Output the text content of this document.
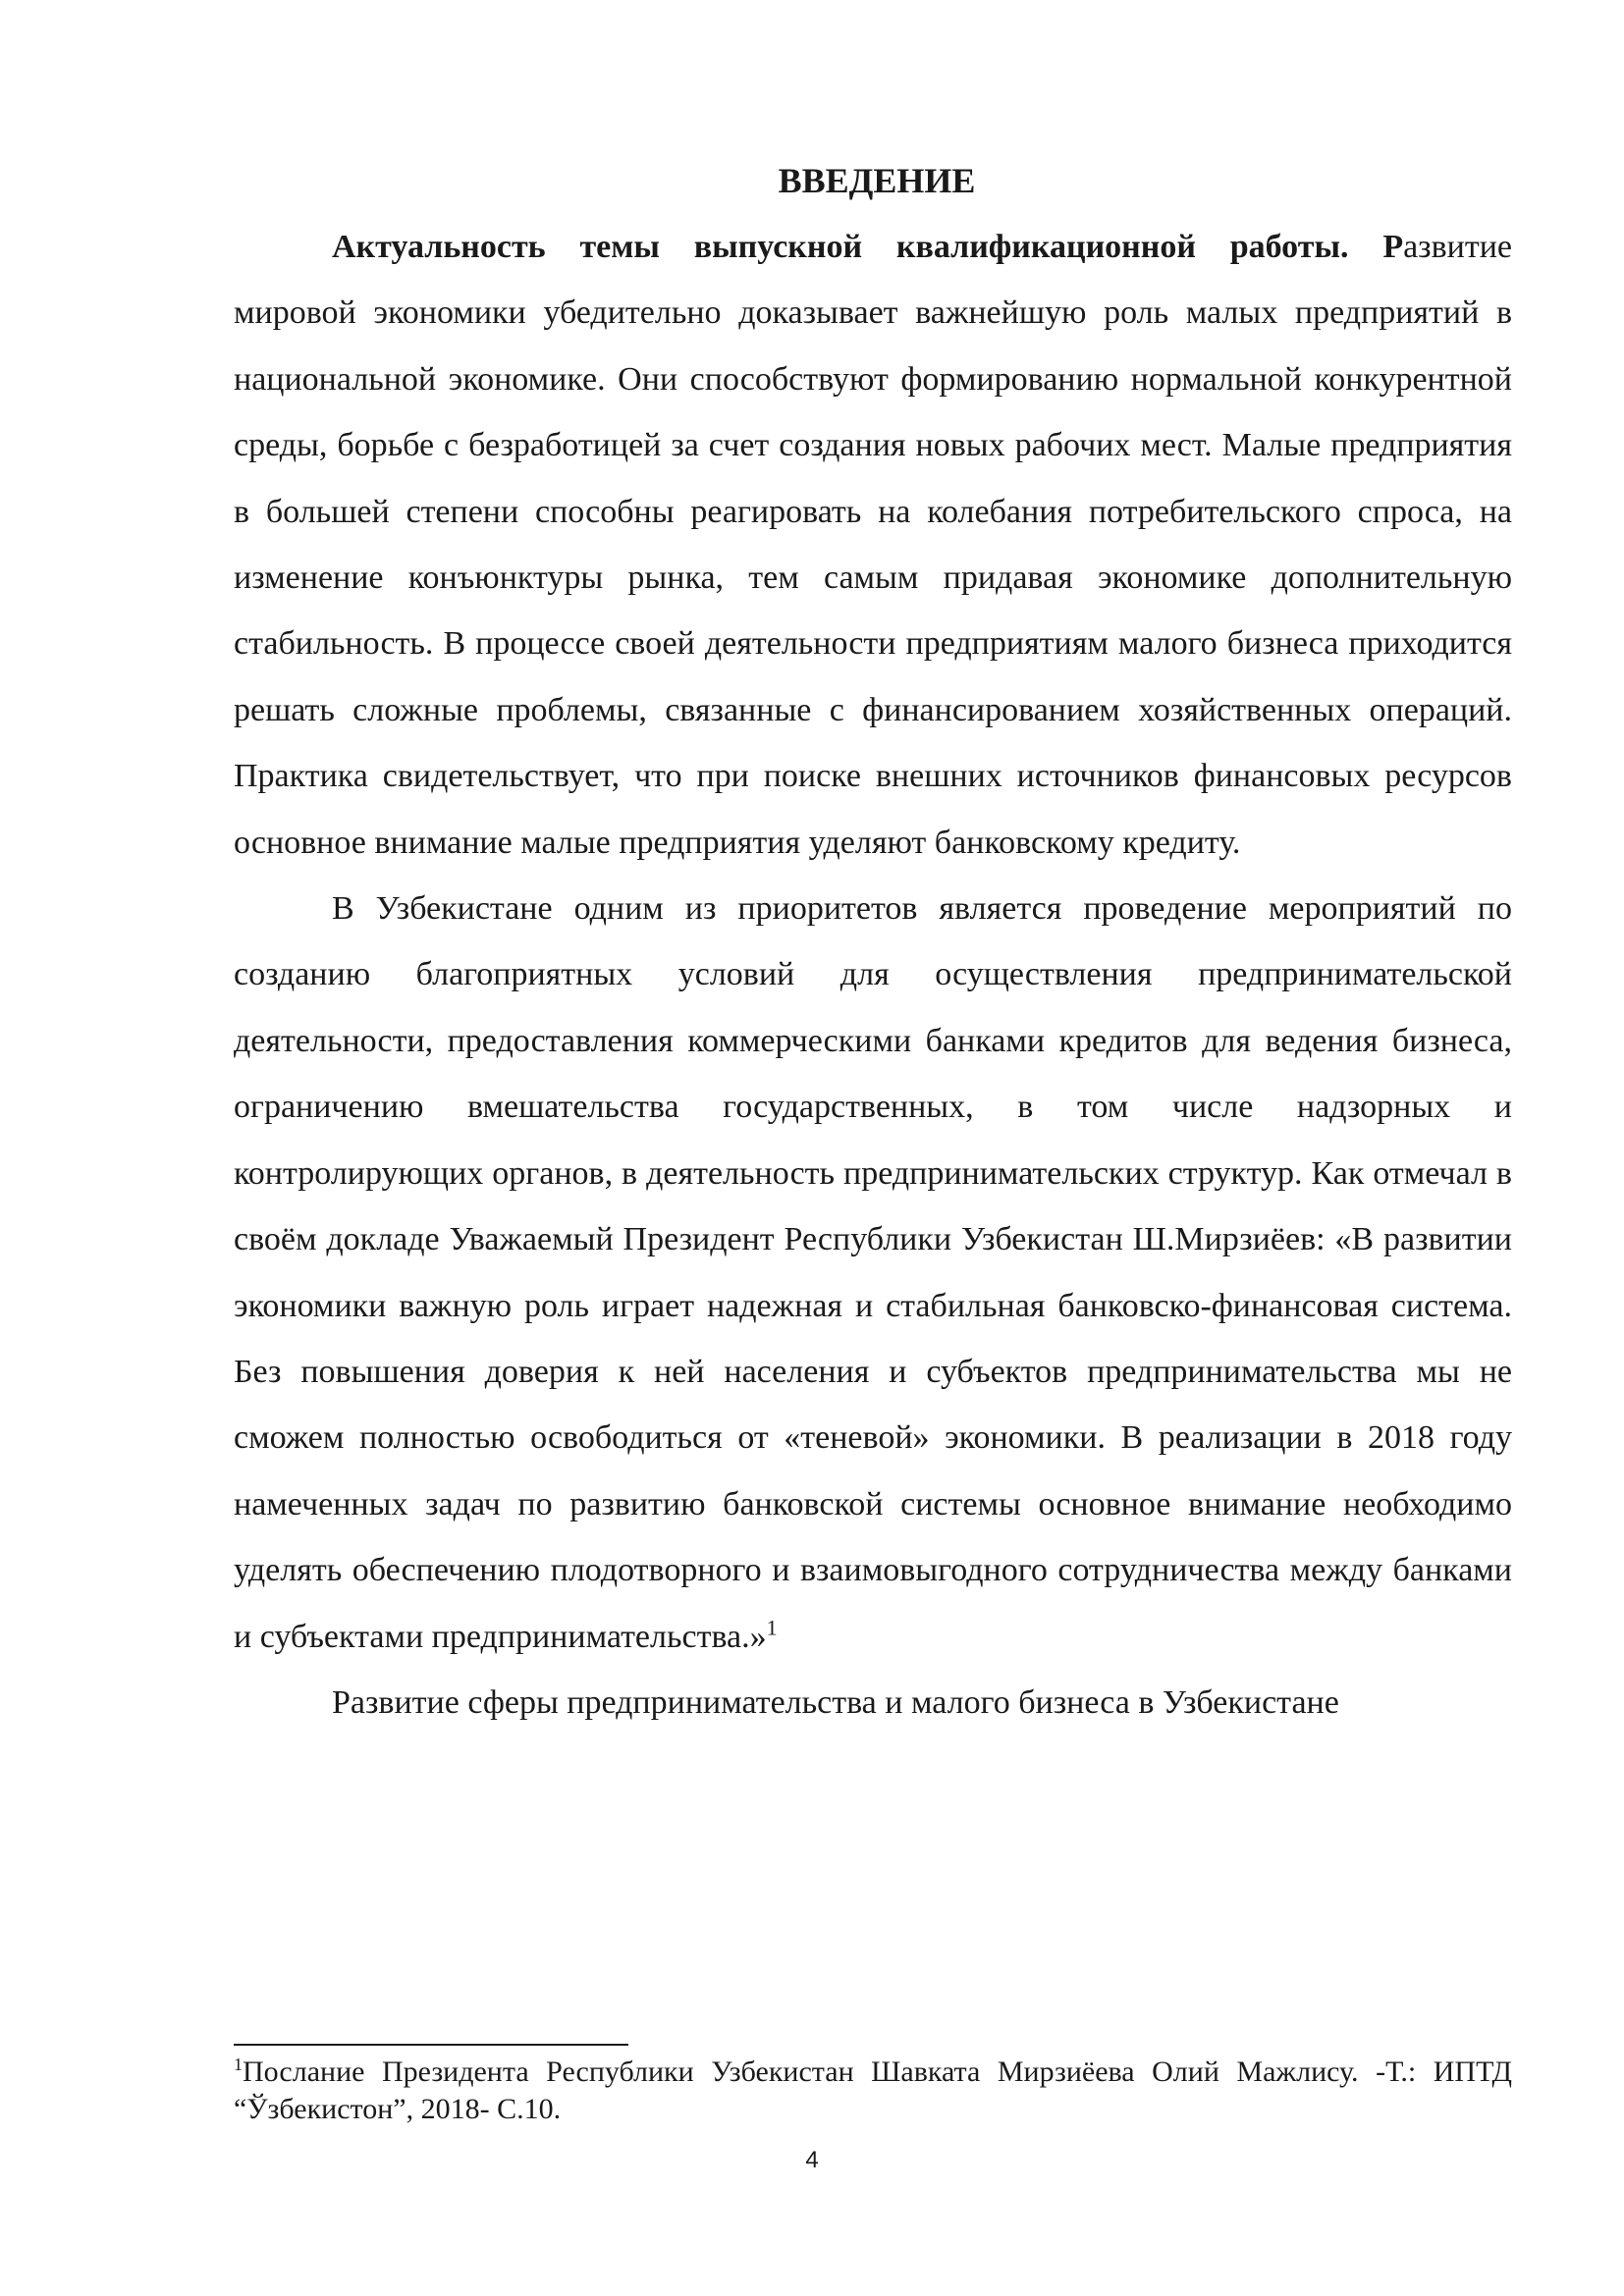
ВВЕДЕНИЕ

Актуальность темы выпускной квалификационной работы. Развитие мировой экономики убедительно доказывает важнейшую роль малых предприятий в национальной экономике. Они способствуют формированию нормальной конкурентной среды, борьбе с безработицей за счет создания новых рабочих мест. Малые предприятия в большей степени способны реагировать на колебания потребительского спроса, на изменение конъюнктуры рынка, тем самым придавая экономике дополнительную стабильность. В процессе своей деятельности предприятиям малого бизнеса приходится решать сложные проблемы, связанные с финансированием хозяйственных операций. Практика свидетельствует, что при поиске внешних источников финансовых ресурсов основное внимание малые предприятия уделяют банковскому кредиту.

В Узбекистане одним из приоритетов является проведение мероприятий по созданию благоприятных условий для осуществления предпринимательской деятельности, предоставления коммерческими банками кредитов для ведения бизнеса, ограничению вмешательства государственных, в том числе надзорных и контролирующих органов, в деятельность предпринимательских структур. Как отмечал в своём докладе Уважаемый Президент Республики Узбекистан Ш.Мирзиёев: «В развитии экономики важную роль играет надежная и стабильная банковско-финансовая система. Без повышения доверия к ней населения и субъектов предпринимательства мы не сможем полностью освободиться от «теневой» экономики. В реализации в 2018 году намеченных задач по развитию банковской системы основное внимание необходимо уделять обеспечению плодотворного и взаимовыгодного сотрудничества между банками и субъектами предпринимательства.»$^1$

Развитие сферы предпринимательства и малого бизнеса в Узбекистане

$^1$Послание Президента Республики Узбекистан Шавката Мирзиёева Олий Мажлису. -Т.: ИПТД “Ўзбекистон”, 2018- С.10.

4
